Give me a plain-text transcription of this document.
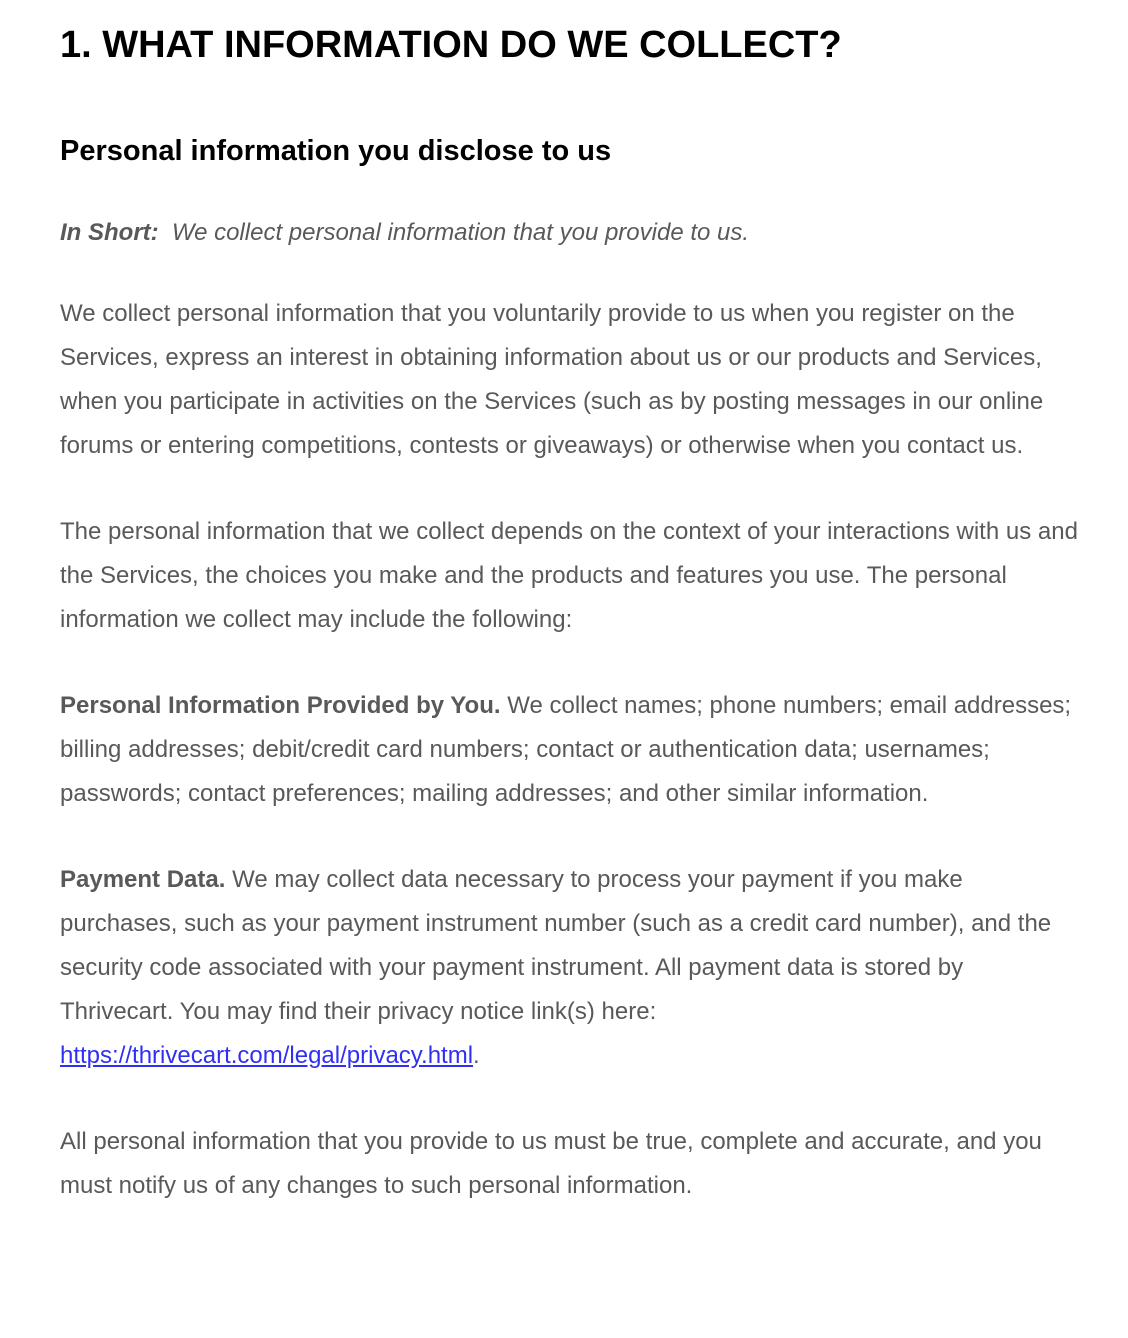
1. WHAT INFORMATION DO WE COLLECT?
Personal information you disclose to us

In Short: We collect personal information that you provide to us.

We collect personal information that you voluntarily provide to us when you register on the Services, express an interest in obtaining information about us or our products and Services, when you participate in activities on the Services (such as by posting messages in our online forums or entering competitions, contests or giveaways) or otherwise when you contact us.

The personal information that we collect depends on the context of your interactions with us and the Services, the choices you make and the products and features you use. The personal information we collect may include the following:

Personal Information Provided by You. We collect names; phone numbers; email addresses; billing addresses; debit/credit card numbers; contact or authentication data; usernames; passwords; contact preferences; mailing addresses; and other similar information.

Payment Data. We may collect data necessary to process your payment if you make purchases, such as your payment instrument number (such as a credit card number), and the security code associated with your payment instrument. All payment data is stored by Thrivecart. You may find their privacy notice link(s) here: https://thrivecart.com/legal/privacy.html.

All personal information that you provide to us must be true, complete and accurate, and you must notify us of any changes to such personal information.
